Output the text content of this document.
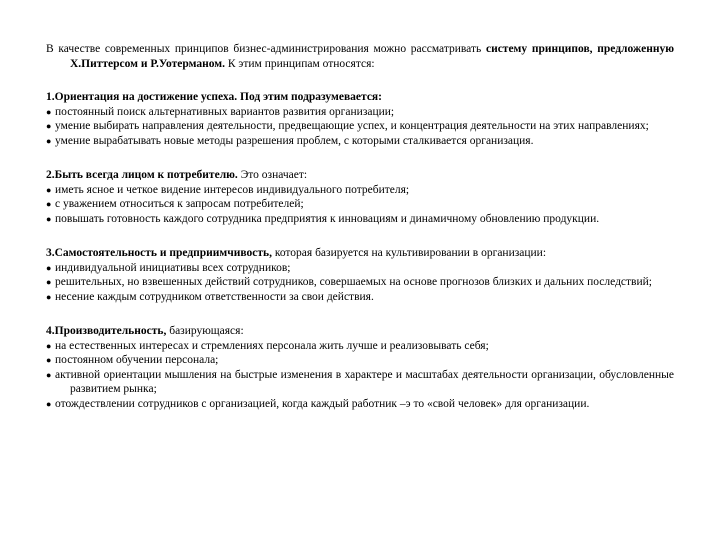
В качестве современных принципов бизнес-администрирования можно рассматривать систему принципов, предложенную Х.Питтерсом и Р.Уотерманом. К этим принципам относятся:

1.Ориентация на достижение успеха. Под этим подразумевается:

●постоянный поиск альтернативных вариантов развития организации;
●умение выбирать направления деятельности, предвещающие успех, и концентрация деятельности на этих направлениях;
●умение вырабатывать новые методы разрешения проблем, с которыми сталкивается организация.

2.Быть всегда лицом к потребителю. Это означает:

●иметь ясное и четкое видение интересов индивидуального потребителя;
●с уважением относиться к запросам потребителей;
●повышать готовность каждого сотрудника предприятия к инновациям и динамичному обновлению продукции.

3.Самостоятельность и предприимчивость, которая базируется на культивировании в организации:

●индивидуальной инициативы всех сотрудников;
●решительных, но взвешенных действий сотрудников, совершаемых на основе прогнозов близких и дальних последствий;
●несение каждым сотрудником ответственности за свои действия.

4.Производительность, базирующаяся:

●на естественных интересах и стремлениях персонала жить лучше и реализовывать себя;
●постоянном обучении персонала;
●активной ориентации мышления на быстрые изменения в характере и масштабах деятельности организации, обусловленные развитием рынка;
●отождествлении сотрудников с организацией, когда каждый работник –э то «свой человек» для организации.
